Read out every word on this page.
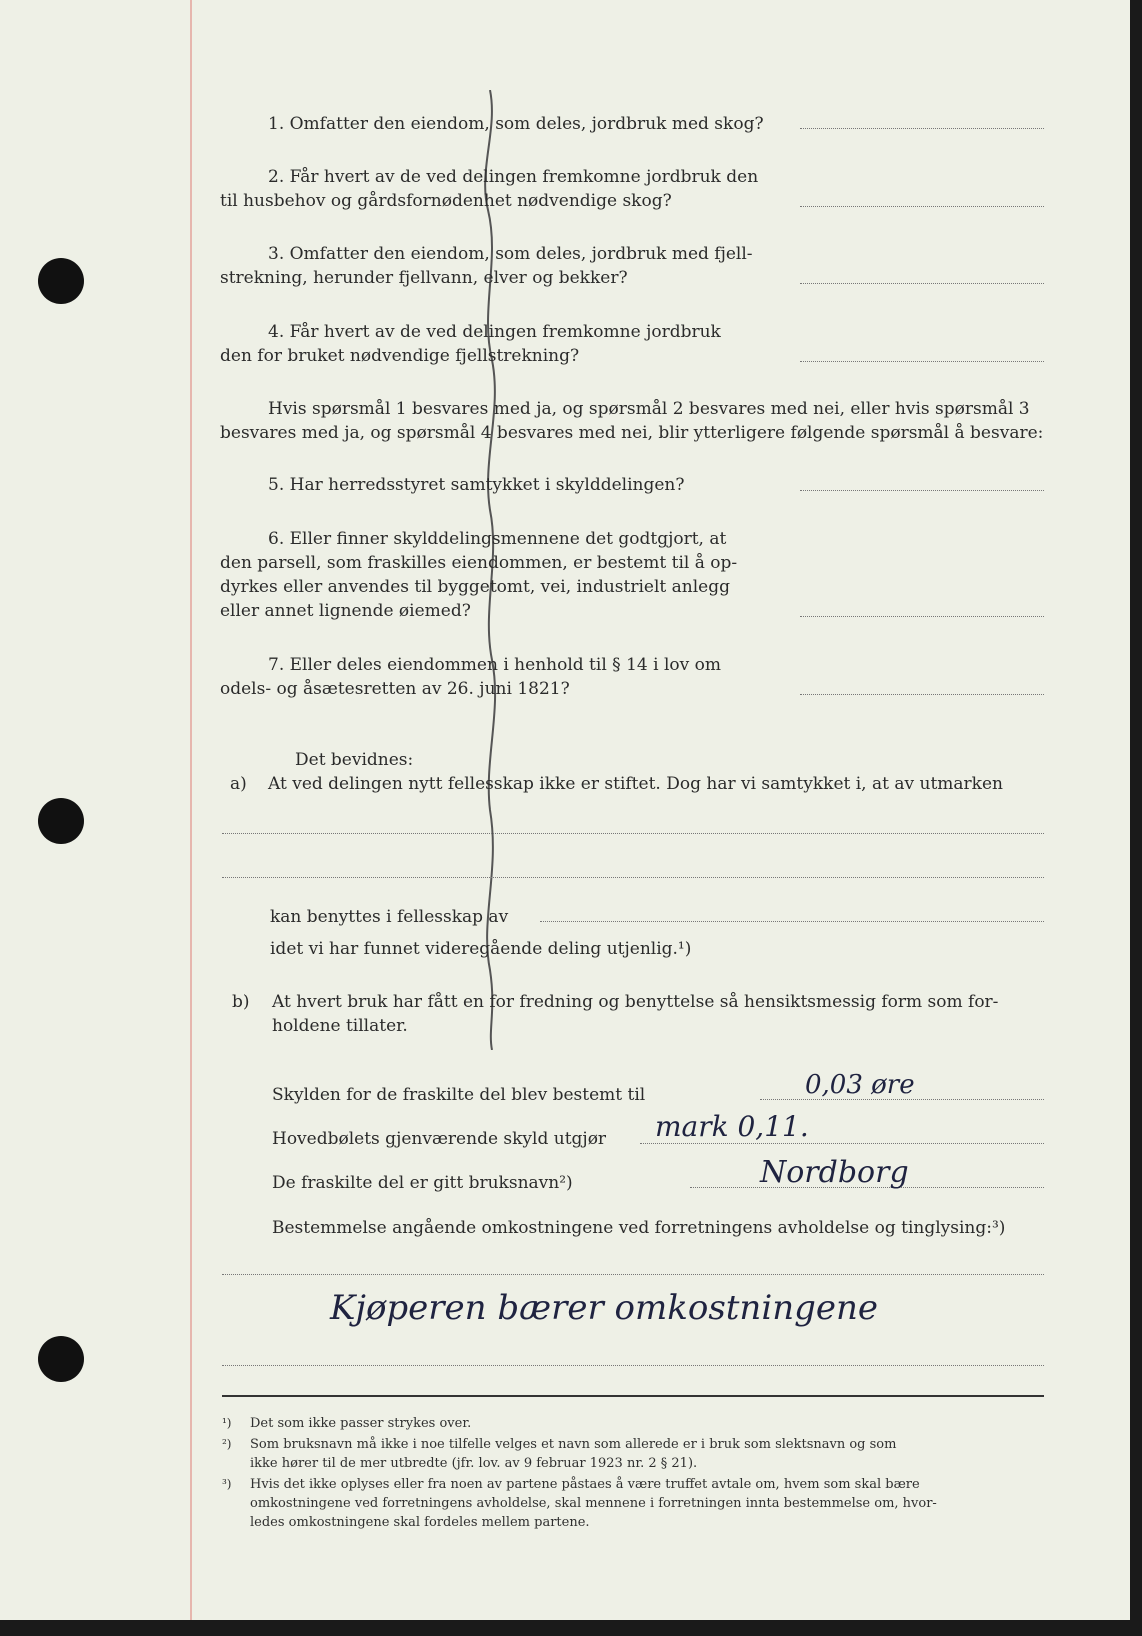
1. Omfatter den eiendom, som deles, jordbruk med skog?
2. Får hvert av de ved delingen fremkomne jordbruk den
til husbehov og gårdsfornødenhet nødvendige skog?
3. Omfatter den eiendom, som deles, jordbruk med fjell-
strekning, herunder fjellvann, elver og bekker?
4. Får hvert av de ved delingen fremkomne jordbruk
den for bruket nødvendige fjellstrekning?
Hvis spørsmål 1 besvares med ja, og spørsmål 2 besvares med nei, eller hvis spørsmål 3
besvares med ja, og spørsmål 4 besvares med nei, blir ytterligere følgende spørsmål å besvare:
5. Har herredsstyret samtykket i skylddelingen?
6. Eller finner skylddelingsmennene det godtgjort, at
den parsell, som fraskilles eiendommen, er bestemt til å op-
dyrkes eller anvendes til byggetomt, vei, industrielt anlegg
eller annet lignende øiemed?
7. Eller deles eiendommen i henhold til § 14 i lov om
odels- og åsætesretten av 26. juni 1821?
Det bevidnes:
a) At ved delingen nytt fellesskap ikke er stiftet. Dog har vi samtykket i, at av utmarken
kan benyttes i fellesskap av
idet vi har funnet videregående deling utjenlig.¹)
b) At hvert bruk har fått en for fredning og benyttelse så hensiktsmessig form som for-
holdene tillater.
Skylden for de fraskilte del blev bestemt til	0,03 øre
Hovedbølets gjenværende skyld utgjør mark 0,11.
De fraskilte del er gitt bruksnavn²)	Nordborg
Bestemmelse angående omkostningene ved forretningens avholdelse og tinglysing:³)
Kjøperen bærer omkostningene
¹) Det som ikke passer strykes over.
²) Som bruksnavn må ikke i noe tilfelle velges et navn som allerede er i bruk som slektsnavn og som
ikke hører til de mer utbredte (jfr. lov. av 9 februar 1923 nr. 2 § 21).
³) Hvis det ikke oplyses eller fra noen av partene påstaes å være truffet avtale om, hvem som skal bære
omkostningene ved forretningens avholdelse, skal mennene i forretningen innta bestemmelse om, hvor-
ledes omkostningene skal fordeles mellem partene.
